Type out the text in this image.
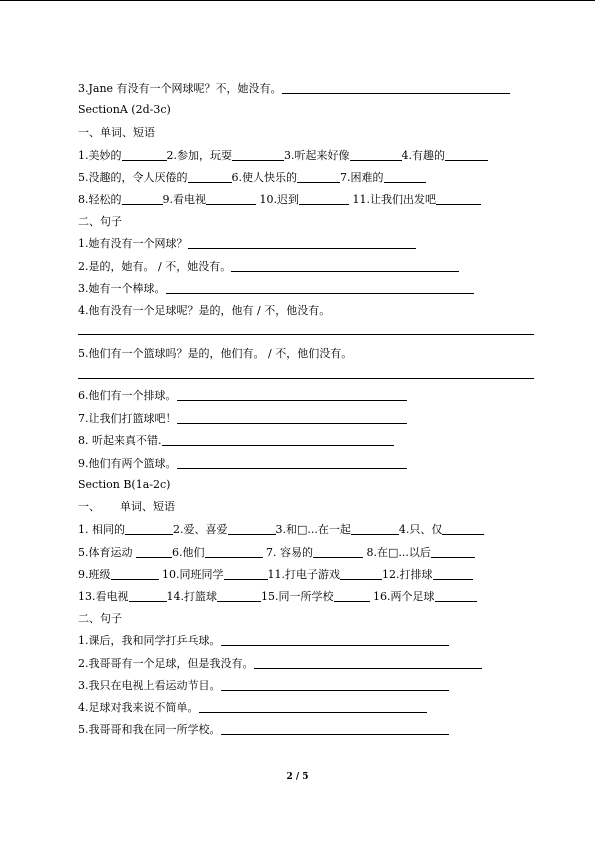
3.Jane 有没有一个网球呢？不，她没有。
SectionA (2d-3c)
一、单词、短语
1.美妙的	2.参加，玩耍	3.听起来好像	4.有趣的
5.没趣的，令人厌倦的	6.使人快乐的	7.困难的
8.轻松的	9.看电视	10.迟到	11.让我们出发吧
二、句子
1.她有没有一个网球？
2.是的，她有。 / 不，她没有。
3.她有一个棒球。
4.他有没有一个足球呢？是的，他有 / 不，他没有。
5.他们有一个篮球吗？是的，他们有。 / 不，他们没有。
6.他们有一个排球。
7.让我们打篮球吧！
8. 听起来真不错.
9.他们有两个篮球。
Section B(1a-2c)
一、 单词、短语
1. 相同的	2.爱、喜爱	3.和□...在一起	4.只、仅
5.体育运动	6.他们	7. 容易的	8.在□...以后
9.班级	10.同班同学	11.打电子游戏	12.打排球
13.看电视	14.打篮球	15.同一所学校	16.两个足球
二、句子
1.课后，我和同学打乒乓球。
2.我哥哥有一个足球，但是我没有。
3.我只在电视上看运动节目。
4.足球对我来说不简单。
5.我哥哥和我在同一所学校。
2 / 5
